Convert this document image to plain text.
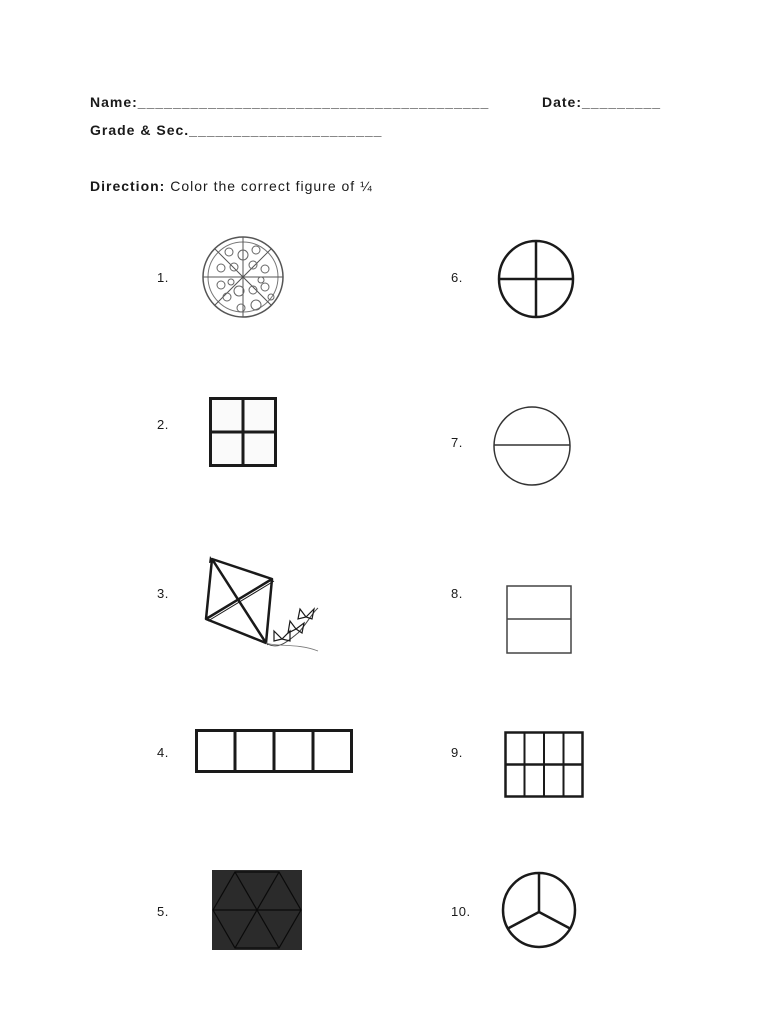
Name:________________________________________	Date:_________
Grade & Sec.______________________
Direction: Color the correct figure of ¼
1.
2.
3.
4.
5.
6.
7.
8.
9.
10.
